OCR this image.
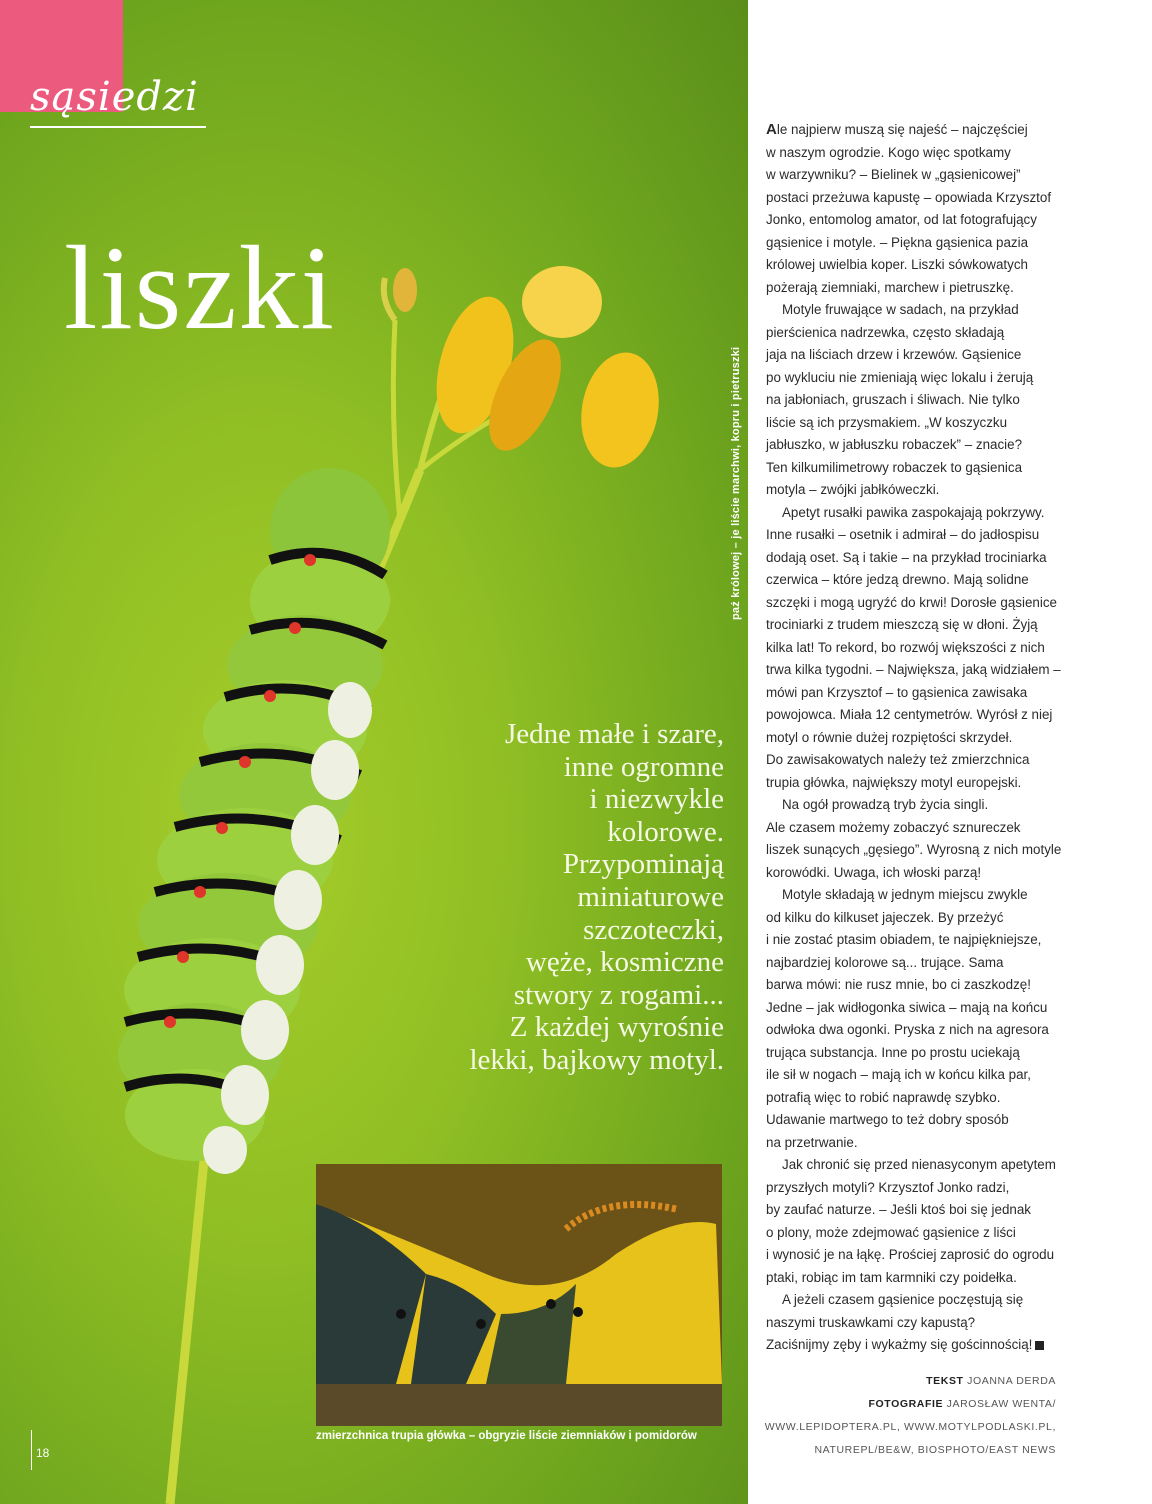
sąsiedzi
liszki
Jedne małe i szare,
inne ogromne
i niezwykle
kolorowe.
Przypominają
miniaturowe
szczoteczki,
węże, kosmiczne
stwory z rogami...
Z każdej wyrośnie
lekki, bajkowy motyl.
paź królowej – je liście marchwi, kopru i pietruszki
zmierzchnica trupia główka – obgryzie liście ziemniaków i pomidorów
18
Ale najpierw muszą się najeść – najczęściej
w naszym ogrodzie. Kogo więc spotkamy
w warzywniku? – Bielinek w „gąsienicowej”
postaci przeżuwa kapustę – opowiada Krzysztof
Jonko, entomolog amator, od lat fotografujący
gąsienice i motyle. – Piękna gąsienica pazia
królowej uwielbia koper. Liszki sówkowatych
pożerają ziemniaki, marchew i pietruszkę.
Motyle fruwające w sadach, na przykład
pierścienica nadrzewka, często składają
jaja na liściach drzew i krzewów. Gąsienice
po wykluciu nie zmieniają więc lokalu i żerują
na jabłoniach, gruszach i śliwach. Nie tylko
liście są ich przysmakiem. „W koszyczku
jabłuszko, w jabłuszku robaczek” – znacie?
Ten kilkumilimetrowy robaczek to gąsienica
motyla – zwójki jabłkóweczki.
Apetyt rusałki pawika zaspokajają pokrzywy.
Inne rusałki – osetnik i admirał – do jadłospisu
dodają oset. Są i takie – na przykład trociniarka
czerwica – które jedzą drewno. Mają solidne
szczęki i mogą ugryźć do krwi! Dorosłe gąsienice
trociniarki z trudem mieszczą się w dłoni. Żyją
kilka lat! To rekord, bo rozwój większości z nich
trwa kilka tygodni. – Największa, jaką widziałem –
mówi pan Krzysztof – to gąsienica zawisaka
powojowca. Miała 12 centymetrów. Wyrósł z niej
motyl o równie dużej rozpiętości skrzydeł.
Do zawisakowatych należy też zmierzchnica
trupia główka, największy motyl europejski.
Na ogół prowadzą tryb życia singli.
Ale czasem możemy zobaczyć sznureczek
liszek sunących „gęsiego”. Wyrosną z nich motyle
korowódki. Uwaga, ich włoski parzą!
Motyle składają w jednym miejscu zwykle
od kilku do kilkuset jajeczek. By przeżyć
i nie zostać ptasim obiadem, te najpiękniejsze,
najbardziej kolorowe są... trujące. Sama
barwa mówi: nie rusz mnie, bo ci zaszkodzę!
Jedne – jak widłogonka siwica – mają na końcu
odwłoka dwa ogonki. Pryska z nich na agresora
trująca substancja. Inne po prostu uciekają
ile sił w nogach – mają ich w końcu kilka par,
potrafią więc to robić naprawdę szybko.
Udawanie martwego to też dobry sposób
na przetrwanie.
Jak chronić się przed nienasyconym apetytem
przyszłych motyli? Krzysztof Jonko radzi,
by zaufać naturze. – Jeśli ktoś boi się jednak
o plony, może zdejmować gąsienice z liści
i wynosić je na łąkę. Prościej zaprosić do ogrodu
ptaki, robiąc im tam karmniki czy poidełka.
A jeżeli czasem gąsienice poczęstują się
naszymi truskawkami czy kapustą?
Zaciśnijmy zęby i wykażmy się gościnnością!
TEKST JOANNA DERDA
FOTOGRAFIE JAROSŁAW WENTA/
WWW.LEPIDOPTERA.PL, WWW.MOTYLPODLASKI.PL,
NATUREPL/BE&W, BIOSPHOTO/EAST NEWS
